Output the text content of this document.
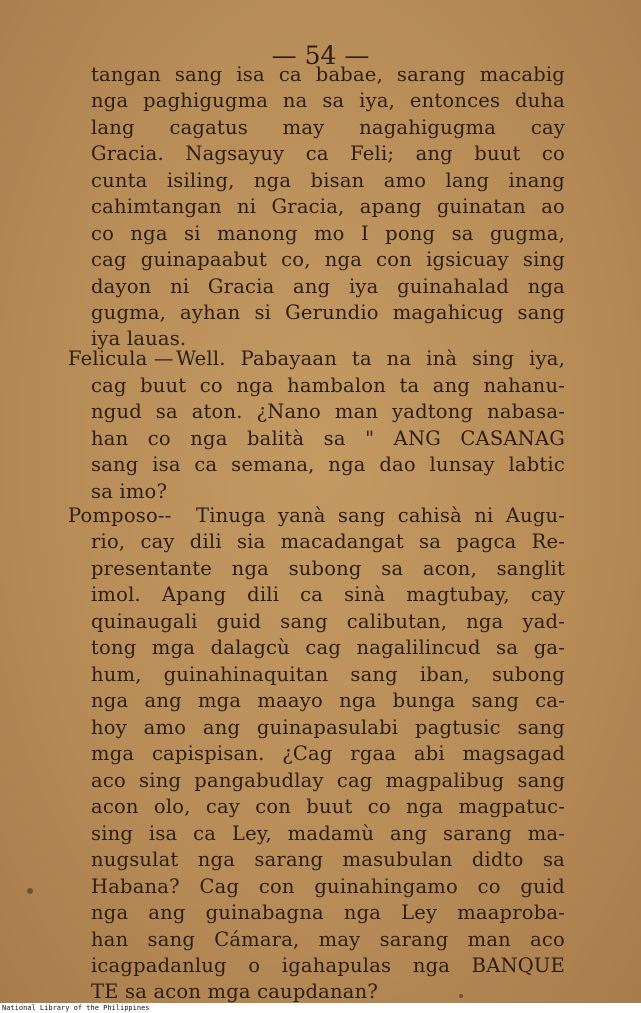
— 54 —
tangan sang isa ca babae, sarang macabig
nga paghigugma na sa iya, entonces duha
lang cagatus may nagahigugma cay
Gracia. Nagsayuy ca Feli; ang buut co
cunta isiling, nga bisan amo lang inang
cahimtangan ni Gracia, apang guinatan ao
co nga si manong mo I pong sa gugma,
cag guinapaabut co, nga con igsicuay sing
dayon ni Gracia ang iya guinahalad nga
gugma, ayhan si Gerundio magahicug sang
iya lauas.
Felicula — Well. Pabayaan ta na inà sing iya,
cag buut co nga hambalon ta ang nahanu-
ngud sa aton. ¿Nano man yadtong nabasa-
han co nga balità sa " ANG CASANAG
sang isa ca semana, nga dao lunsay labtic
sa imo?
Pomposo--	Tinuga yanà sang cahisà ni Augu-
rio, cay dili sia macadangat sa pagca Re-
presentante nga subong sa acon, sanglit
imol. Apang dili ca sinà magtubay, cay
quinaugali guid sang calibutan, nga yad-
tong mga dalagcù cag nagalilincud sa ga-
hum, guinahinaquitan sang iban, subong
nga ang mga maayo nga bunga sang ca-
hoy amo ang guinapasulabi pagtusic sang
mga capispisan. ¿Cag rgaa abi magsagad
aco sing pangabudlay cag magpalibug sang
acon olo, cay con buut co nga magpatuc-
sing isa ca Ley, madamù ang sarang ma-
nugsulat nga sarang masubulan didto sa
Habana? Cag con guinahingamo co guid
nga ang guinabagna nga Ley maaproba-
han sang Cámara, may sarang man aco
icagpadanlug o igahapulas nga BANQUE
TE sa acon mga caupdanan?
National Library of the Philippines
